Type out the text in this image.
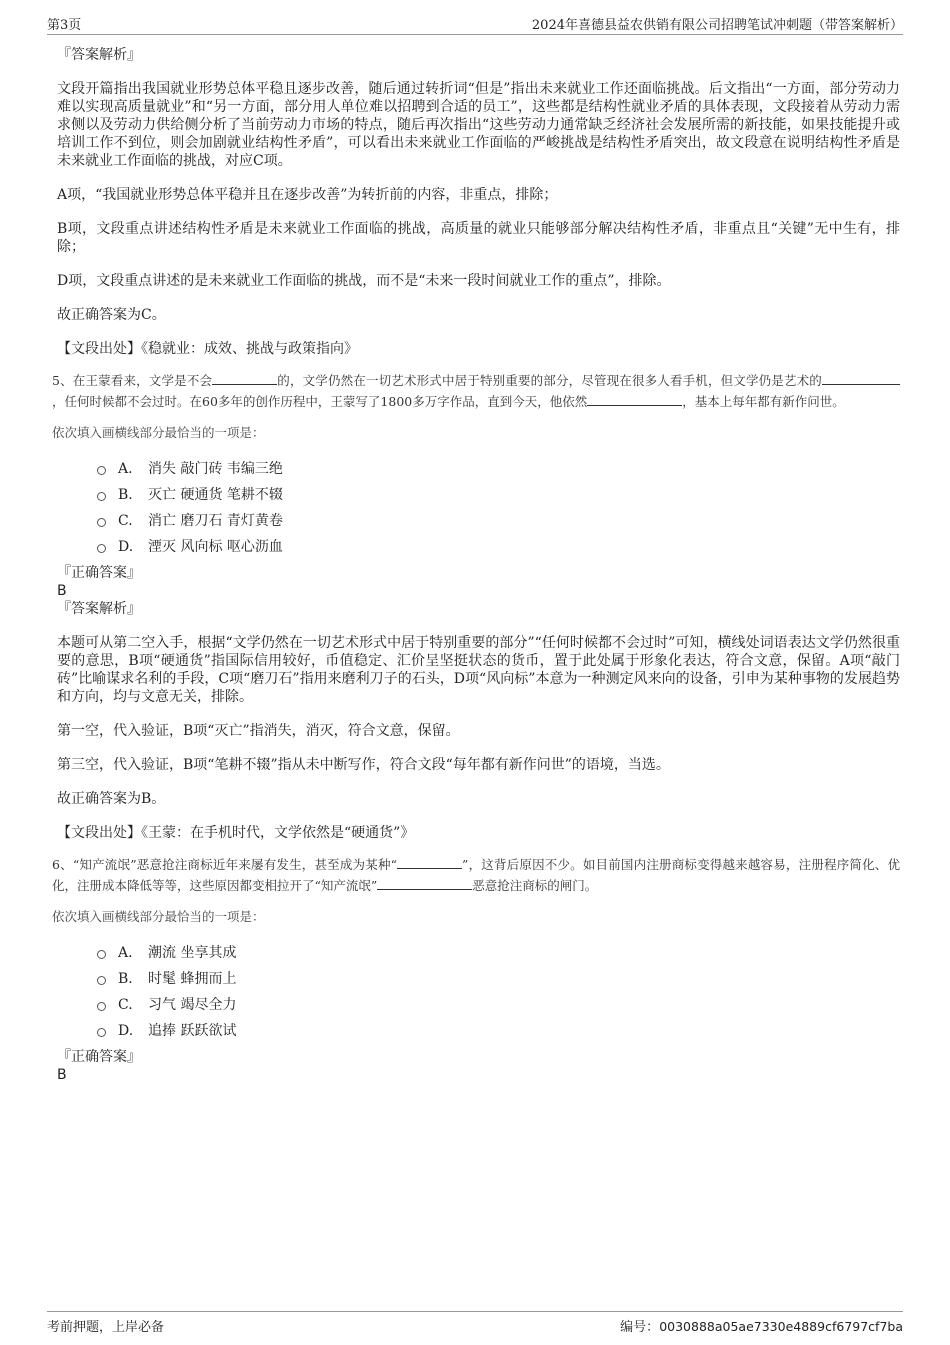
第3页	2024年喜德县益农供销有限公司招聘笔试冲刺题（带答案解析）

『答案解析』

文段开篇指出我国就业形势总体平稳且逐步改善，随后通过转折词“但是”指出未来就业工作还面临挑战。后文指出“一方面，部分劳动力难以实现高质量就业”和“另一方面，部分用人单位难以招聘到合适的员工”，这些都是结构性就业矛盾的具体表现，文段接着从劳动力需求侧以及劳动力供给侧分析了当前劳动力市场的特点，随后再次指出“这些劳动力通常缺乏经济社会发展所需的新技能，如果技能提升或培训工作不到位，则会加剧就业结构性矛盾”，可以看出未来就业工作面临的严峻挑战是结构性矛盾突出，故文段意在说明结构性矛盾是未来就业工作面临的挑战，对应C项。

A项，“我国就业形势总体平稳并且在逐步改善”为转折前的内容，非重点，排除；

B项，文段重点讲述结构性矛盾是未来就业工作面临的挑战，高质量的就业只能够部分解决结构性矛盾，非重点且“关键”无中生有，排除；

D项，文段重点讲述的是未来就业工作面临的挑战，而不是“未来一段时间就业工作的重点”，排除。

故正确答案为C。

【文段出处】《稳就业：成效、挑战与政策指向》

5、在王蒙看来，文学是不会	的，文学仍然在一切艺术形式中居于特别重要的部分，尽管现在很多人看手机，但文学仍是艺术的，任何时候都不会过时。在60多年的创作历程中，王蒙写了1800多万字作品，直到今天，他依然	，基本上每年都有新作问世。

依次填入画横线部分最恰当的一项是：

A. 消失 敲门砖 韦编三绝
B. 灭亡 硬通货 笔耕不辍
C. 消亡 磨刀石 青灯黄卷
D. 湮灭 风向标 呕心沥血

『正确答案』

B

『答案解析』

本题可从第二空入手，根据“文学仍然在一切艺术形式中居于特别重要的部分”“任何时候都不会过时”可知，横线处词语表达文学仍然很重要的意思，B项“硬通货”指国际信用较好，币值稳定、汇价呈坚挺状态的货币，置于此处属于形象化表达，符合文意，保留。A项“敲门砖”比喻谋求名利的手段，C项“磨刀石”指用来磨利刀子的石头，D项“风向标”本意为一种测定风来向的设备，引申为某种事物的发展趋势和方向，均与文意无关，排除。

第一空，代入验证，B项“灭亡”指消失，消灭，符合文意，保留。

第三空，代入验证，B项“笔耕不辍”指从未中断写作，符合文段“每年都有新作问世”的语境，当选。

故正确答案为B。

【文段出处】《王蒙：在手机时代，文学依然是“硬通货”》

6、“知产流氓”恶意抢注商标近年来屡有发生，甚至成为某种“	”，这背后原因不少。如目前国内注册商标变得越来越容易，注册程序简化、优化，注册成本降低等等，这些原因都变相拉开了“知产流氓”	恶意抢注商标的闸门。

依次填入画横线部分最恰当的一项是：

A. 潮流 坐享其成
B. 时髦 蜂拥而上
C. 习气 竭尽全力
D. 追捧 跃跃欲试

『正确答案』

B

考前押题，上岸必备	编号：0030888a05ae7330e4889cf6797cf7ba
